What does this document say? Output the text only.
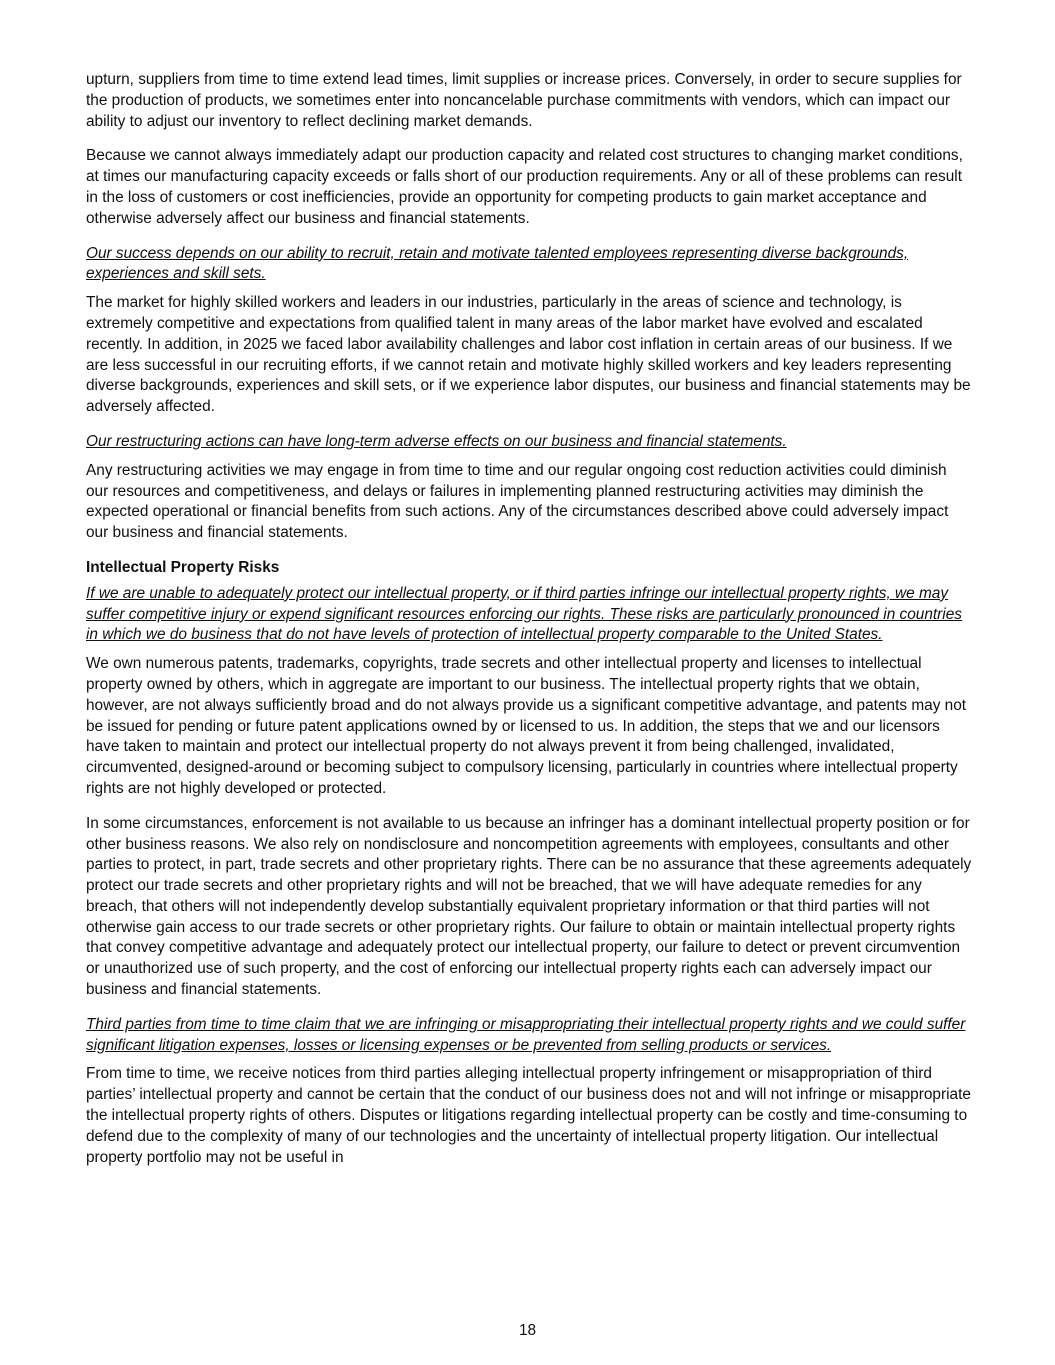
upturn, suppliers from time to time extend lead times, limit supplies or increase prices. Conversely, in order to secure supplies for the production of products, we sometimes enter into noncancelable purchase commitments with vendors, which can impact our ability to adjust our inventory to reflect declining market demands.

Because we cannot always immediately adapt our production capacity and related cost structures to changing market conditions, at times our manufacturing capacity exceeds or falls short of our production requirements. Any or all of these problems can result in the loss of customers or cost inefficiencies, provide an opportunity for competing products to gain market acceptance and otherwise adversely affect our business and financial statements.

Our success depends on our ability to recruit, retain and motivate talented employees representing diverse backgrounds, experiences and skill sets.

The market for highly skilled workers and leaders in our industries, particularly in the areas of science and technology, is extremely competitive and expectations from qualified talent in many areas of the labor market have evolved and escalated recently. In addition, in 2025 we faced labor availability challenges and labor cost inflation in certain areas of our business. If we are less successful in our recruiting efforts, if we cannot retain and motivate highly skilled workers and key leaders representing diverse backgrounds, experiences and skill sets, or if we experience labor disputes, our business and financial statements may be adversely affected.

Our restructuring actions can have long-term adverse effects on our business and financial statements.

Any restructuring activities we may engage in from time to time and our regular ongoing cost reduction activities could diminish our resources and competitiveness, and delays or failures in implementing planned restructuring activities may diminish the expected operational or financial benefits from such actions. Any of the circumstances described above could adversely impact our business and financial statements.

Intellectual Property Risks

If we are unable to adequately protect our intellectual property, or if third parties infringe our intellectual property rights, we may suffer competitive injury or expend significant resources enforcing our rights. These risks are particularly pronounced in countries in which we do business that do not have levels of protection of intellectual property comparable to the United States.

We own numerous patents, trademarks, copyrights, trade secrets and other intellectual property and licenses to intellectual property owned by others, which in aggregate are important to our business. The intellectual property rights that we obtain, however, are not always sufficiently broad and do not always provide us a significant competitive advantage, and patents may not be issued for pending or future patent applications owned by or licensed to us. In addition, the steps that we and our licensors have taken to maintain and protect our intellectual property do not always prevent it from being challenged, invalidated, circumvented, designed-around or becoming subject to compulsory licensing, particularly in countries where intellectual property rights are not highly developed or protected.

In some circumstances, enforcement is not available to us because an infringer has a dominant intellectual property position or for other business reasons. We also rely on nondisclosure and noncompetition agreements with employees, consultants and other parties to protect, in part, trade secrets and other proprietary rights. There can be no assurance that these agreements adequately protect our trade secrets and other proprietary rights and will not be breached, that we will have adequate remedies for any breach, that others will not independently develop substantially equivalent proprietary information or that third parties will not otherwise gain access to our trade secrets or other proprietary rights. Our failure to obtain or maintain intellectual property rights that convey competitive advantage and adequately protect our intellectual property, our failure to detect or prevent circumvention or unauthorized use of such property, and the cost of enforcing our intellectual property rights each can adversely impact our business and financial statements.

Third parties from time to time claim that we are infringing or misappropriating their intellectual property rights and we could suffer significant litigation expenses, losses or licensing expenses or be prevented from selling products or services.

From time to time, we receive notices from third parties alleging intellectual property infringement or misappropriation of third parties’ intellectual property and cannot be certain that the conduct of our business does not and will not infringe or misappropriate the intellectual property rights of others. Disputes or litigations regarding intellectual property can be costly and time-consuming to defend due to the complexity of many of our technologies and the uncertainty of intellectual property litigation. Our intellectual property portfolio may not be useful in

18
